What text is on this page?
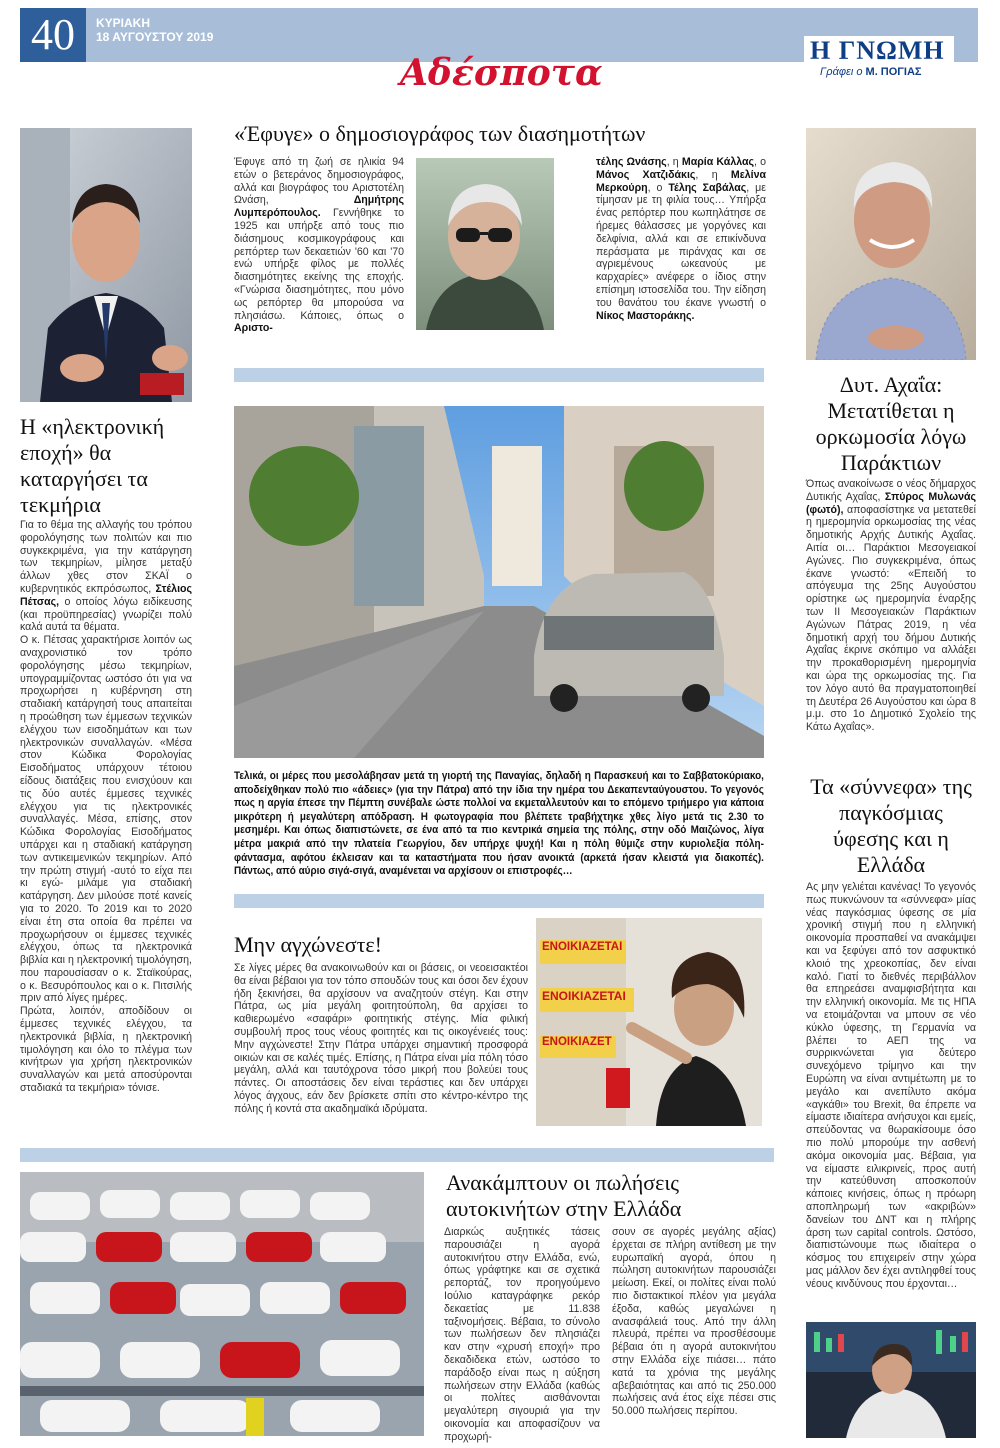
40	ΚΥΡΙΑΚΗ
18 ΑΥΓΟΥΣΤΟΥ 2019	Η ΓΝΩΜΗ
Γράφει ο Μ. ΠΟΓΙΑΣ
Αδέσποτα
Η «ηλεκτρονική εποχή» θα καταργήσει τα τεκμήρια
Για το θέμα της αλλαγής του τρόπου φορολόγησης των πολιτών και πιο συγκεκριμένα, για την κατάργηση των τεκμηρίων, μίλησε μεταξύ άλλων χθες στον ΣΚΑΪ ο κυβερνητικός εκπρόσωπος, Στέλιος Πέτσας, ο οποίος λόγω ειδίκευσης (και προϋπηρεσίας) γνωρίζει πολύ καλά αυτά τα θέματα.
Ο κ. Πέτσας χαρακτήρισε λοιπόν ως αναχρονιστικό τον τρόπο φορολόγησης μέσω τεκμηρίων, υπογραμμίζοντας ωστόσο ότι για να προχωρήσει η κυβέρνηση στη σταδιακή κατάργησή τους απαιτείται η προώθηση των έμμεσων τεχνικών ελέγχου των εισοδημάτων και των ηλεκτρονικών συναλλαγών. «Μέσα στον Κώδικα Φορολογίας Εισοδήματος υπάρχουν τέτοιου είδους διατάξεις που ενισχύουν και τις δύο αυτές έμμεσες τεχνικές ελέγχου για τις ηλεκτρονικές συναλλαγές. Μέσα, επίσης, στον Κώδικα Φορολογίας Εισοδήματος υπάρχει και η σταδιακή κατάργηση των αντικειμενικών τεκμηρίων. Από την πρώτη στιγμή -αυτό το είχα πει κι εγώ- μιλάμε για σταδιακή κατάργηση. Δεν μιλούσε ποτέ κανείς για το 2020. Το 2019 και το 2020 είναι έτη στα οποία θα πρέπει να προχωρήσουν οι έμμεσες τεχνικές ελέγχου, όπως τα ηλεκτρονικά βιβλία και η ηλεκτρονική τιμολόγηση, που παρουσίασαν ο κ. Σταϊκούρας, ο κ. Βεσυρόπουλος και ο κ. Πιτσιλής πριν από λίγες ημέρες.
Πρώτα, λοιπόν, αποδίδουν οι έμμεσες τεχνικές ελέγχου, τα ηλεκτρονικά βιβλία, η ηλεκτρονική τιμολόγηση και όλο το πλέγμα των κινήτρων για χρήση ηλεκτρονικών συναλλαγών και μετά αποσύρονται σταδιακά τα τεκμήρια» τόνισε.
«Έφυγε» ο δημοσιογράφος των διασημοτήτων
Έφυγε από τη ζωή σε ηλικία 94 ετών ο βετεράνος δημοσιογράφος, αλλά και βιογράφος του Αριστοτέλη Ωνάση, Δημήτρης Λυμπερόπουλος. Γεννήθηκε το 1925 και υπήρξε από τους πιο διάσημους κοσμικογράφους και ρεπόρτερ των δεκαετιών '60 και '70 ενώ υπήρξε φίλος με πολλές διασημότητες εκείνης της εποχής. «Γνώρισα διασημότητες, που μόνο ως ρεπόρτερ θα μπορούσα να πλησιάσω. Κάποιες, όπως ο Αριστο-
τέλης Ωνάσης, η Μαρία Κάλλας, ο Μάνος Χατζιδάκις, η Μελίνα Μερκούρη, ο Τέλης Σαβάλας, με τίμησαν με τη φιλία τους… Υπήρξα ένας ρεπόρτερ που κωπηλάτησε σε ήρεμες θάλασσες με γοργόνες και δελφίνια, αλλά και σε επικίνδυνα περάσματα με πιράνχας και σε αγριεμένους ωκεανούς με καρχαρίες» ανέφερε ο ίδιος στην επίσημη ιστοσελίδα του. Την είδηση του θανάτου του έκανε γνωστή ο Νίκος Μαστοράκης.
Δυτ. Αχαΐα: Μετατίθεται η ορκωμοσία λόγω Παράκτιων
Όπως ανακοίνωσε ο νέος δήμαρχος Δυτικής Αχαΐας, Σπύρος Μυλωνάς (φωτό), αποφασίστηκε να μετατεθεί η ημερομηνία ορκωμοσίας της νέας δημοτικής Αρχής Δυτικής Αχαΐας. Αιτία οι… Παράκτιοι Μεσογειακοί Αγώνες. Πιο συγκεκριμένα, όπως έκανε γνωστό: «Επειδή το απόγευμα της 25ης Αυγούστου ορίστηκε ως ημερομηνία έναρξης των ΙΙ Μεσογειακών Παράκτιων Αγώνων Πάτρας 2019, η νέα δημοτική αρχή του δήμου Δυτικής Αχαΐας έκρινε σκόπιμο να αλλάξει την προκαθορισμένη ημερομηνία και ώρα της ορκωμοσίας της. Για τον λόγο αυτό θα πραγματοποιηθεί τη Δευτέρα 26 Αυγούστου και ώρα 8 μ.μ. στο 1ο Δημοτικό Σχολείο της Κάτω Αχαΐας».
Τελικά, οι μέρες που μεσολάβησαν μετά τη γιορτή της Παναγίας, δηλαδή η Παρασκευή και το Σαββατοκύριακο, αποδείχθηκαν πολύ πιο «άδειες» (για την Πάτρα) από την ίδια την ημέρα του Δεκαπενταύγουστου. Το γεγονός πως η αργία έπεσε την Πέμπτη συνέβαλε ώστε πολλοί να εκμεταλλευτούν και το επόμενο τριήμερο για κάποια μικρότερη ή μεγαλύτερη απόδραση. Η φωτογραφία που βλέπετε τραβήχτηκε χθες λίγο μετά τις 2.30 το μεσημέρι. Και όπως διαπιστώνετε, σε ένα από τα πιο κεντρικά σημεία της πόλης, στην οδό Μαιζώνος, λίγα μέτρα μακριά από την πλατεία Γεωργίου, δεν υπήρχε ψυχή! Και η πόλη θύμιζε στην κυριολεξία πόλη-φάντασμα, αφότου έκλεισαν και τα καταστήματα που ήσαν ανοικτά (αρκετά ήσαν κλειστά για διακοπές). Πάντως, από αύριο σιγά-σιγά, αναμένεται να αρχίσουν οι επιστροφές…
Μην αγχώνεστε!
Σε λίγες μέρες θα ανακοινωθούν και οι βάσεις, οι νεοεισακτέοι θα είναι βέβαιοι για τον τόπο σπουδών τους και όσοι δεν έχουν ήδη ξεκινήσει, θα αρχίσουν να αναζητούν στέγη. Και στην Πάτρα, ως μία μεγάλη φοιτητούπολη, θα αρχίσει το καθιερωμένο «σαφάρι» φοιτητικής στέγης. Μία φιλική συμβουλή προς τους νέους φοιτητές και τις οικογένειές τους: Μην αγχώνεστε! Στην Πάτρα υπάρχει σημαντική προσφορά οικιών και σε καλές τιμές. Επίσης, η Πάτρα είναι μία πόλη τόσο μεγάλη, αλλά και ταυτόχρονα τόσο μικρή που βολεύει τους πάντες. Οι αποστάσεις δεν είναι τεράστιες και δεν υπάρχει λόγος άγχους, εάν δεν βρίσκετε σπίτι στο κέντρο-κέντρο της πόλης ή κοντά στα ακαδημαϊκά ιδρύματα.
ΕΝΟΙΚΙΑΖΕΤΑΙ
ΕΝΟΙΚΙΑΖΕΤΑΙ
ΕΝΟΙΚΙΑΖΕΤ
Τα «σύννεφα» της παγκόσμιας ύφεσης και η Ελλάδα
Ας μην γελιέται κανένας! Το γεγονός πως πυκνώνουν τα «σύννεφα» μίας νέας παγκόσμιας ύφεσης σε μία χρονική στιγμή που η ελληνική οικονομία προσπαθεί να ανακάμψει και να ξεφύγει από τον ασφυκτικό κλοιό της χρεοκοπίας, δεν είναι καλό. Γιατί το διεθνές περιβάλλον θα επηρεάσει αναμφισβήτητα και την ελληνική οικονομία. Με τις ΗΠΑ να ετοιμάζονται να μπουν σε νέο κύκλο ύφεσης, τη Γερμανία να βλέπει το ΑΕΠ της να συρρικνώνεται για δεύτερο συνεχόμενο τρίμηνο και την Ευρώπη να είναι αντιμέτωπη με το μεγάλο και ανεπίλυτο ακόμα «αγκάθι» του Brexit, θα έπρεπε να είμαστε ιδιαίτερα ανήσυχοι και εμείς, σπεύδοντας να θωρακίσουμε όσο πιο πολύ μπορούμε την ασθενή ακόμα οικονομία μας. Βέβαια, για να είμαστε ειλικρινείς, προς αυτή την κατεύθυνση αποσκοπούν κάποιες κινήσεις, όπως η πρόωρη αποπληρωμή των «ακριβών» δανείων του ΔΝΤ και η πλήρης άρση των capital controls. Ωστόσο, διαπιστώνουμε πως ιδιαίτερα ο κόσμος του επιχειρείν στην χώρα μας μάλλον δεν έχει αντιληφθεί τους νέους κινδύνους που έρχονται…
Ανακάμπτουν οι πωλήσεις αυτοκινήτων στην Ελλάδα
Διαρκώς αυξητικές τάσεις παρουσιάζει η αγορά αυτοκινήτου στην Ελλάδα, ενώ, όπως γράφτηκε και σε σχετικά ρεπορτάζ, τον προηγούμενο Ιούλιο καταγράφηκε ρεκόρ δεκαετίας με 11.838 ταξινομήσεις. Βέβαια, το σύνολο των πωλήσεων δεν πλησιάζει καν στην «χρυσή εποχή» προ δεκαδιδεκα ετών, ωστόσο το παράδοξο είναι πως η αύξηση πωλήσεων στην Ελλάδα (καθώς οι πολίτες αισθάνονται μεγαλύτερη σιγουριά για την οικονομία και αποφασίζουν να προχωρή-
σουν σε αγορές μεγάλης αξίας) έρχεται σε πλήρη αντίθεση με την ευρωπαϊκή αγορά, όπου η πώληση αυτοκινήτων παρουσιάζει μείωση. Εκεί, οι πολίτες είναι πολύ πιο διστακτικοί πλέον για μεγάλα έξοδα, καθώς μεγαλώνει η ανασφάλειά τους. Από την άλλη πλευρά, πρέπει να προσθέσουμε βέβαια ότι η αγορά αυτοκινήτου στην Ελλάδα είχε πιάσει… πάτο κατά τα χρόνια της μεγάλης αβεβαιότητας και από τις 250.000 πωλήσεις ανά έτος είχε πέσει στις 50.000 πωλήσεις περίπου.
